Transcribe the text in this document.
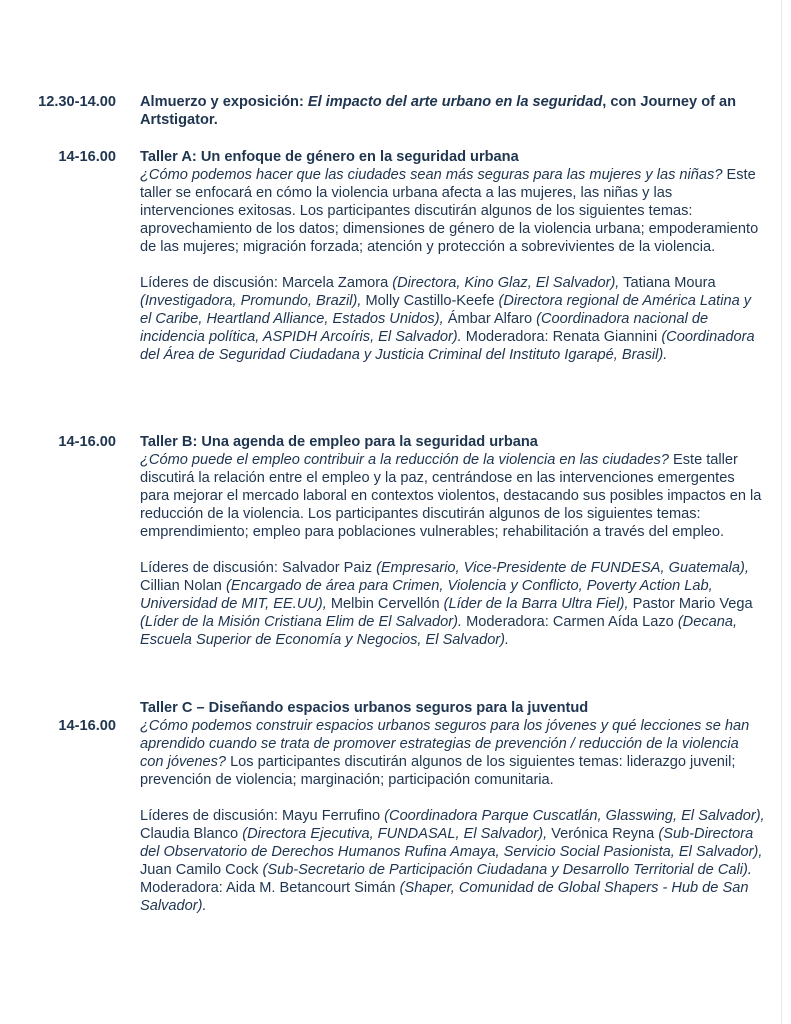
12.30-14.00 Almuerzo y exposición: El impacto del arte urbano en la seguridad, con Journey of an Artstigator.

14-16.00 Taller A: Un enfoque de género en la seguridad urbana

¿Cómo podemos hacer que las ciudades sean más seguras para las mujeres y las niñas? Este taller se enfocará en cómo la violencia urbana afecta a las mujeres, las niñas y las intervenciones exitosas. Los participantes discutirán algunos de los siguientes temas: aprovechamiento de los datos; dimensiones de género de la violencia urbana; empoderamiento de las mujeres; migración forzada; atención y protección a sobrevivientes de la violencia.

Líderes de discusión: Marcela Zamora (Directora, Kino Glaz, El Salvador), Tatiana Moura (Investigadora, Promundo, Brazil), Molly Castillo-Keefe (Directora regional de América Latina y el Caribe, Heartland Alliance, Estados Unidos), Ámbar Alfaro (Coordinadora nacional de incidencia política, ASPIDH Arcoíris, El Salvador). Moderadora: Renata Giannini (Coordinadora del Área de Seguridad Ciudadana y Justicia Criminal del Instituto Igarapé, Brasil).

14-16.00 Taller B: Una agenda de empleo para la seguridad urbana

¿Cómo puede el empleo contribuir a la reducción de la violencia en las ciudades? Este taller discutirá la relación entre el empleo y la paz, centrándose en las intervenciones emergentes para mejorar el mercado laboral en contextos violentos, destacando sus posibles impactos en la reducción de la violencia. Los participantes discutirán algunos de los siguientes temas: emprendimiento; empleo para poblaciones vulnerables; rehabilitación a través del empleo.

Líderes de discusión: Salvador Paiz (Empresario, Vice-Presidente de FUNDESA, Guatemala), Cillian Nolan (Encargado de área para Crimen, Violencia y Conflicto, Poverty Action Lab, Universidad de MIT, EE.UU), Melbin Cervellón (Líder de la Barra Ultra Fiel), Pastor Mario Vega (Líder de la Misión Cristiana Elim de El Salvador). Moderadora: Carmen Aída Lazo (Decana, Escuela Superior de Economía y Negocios, El Salvador).

14-16.00

Taller C – Diseñando espacios urbanos seguros para la juventud

¿Cómo podemos construir espacios urbanos seguros para los jóvenes y qué lecciones se han aprendido cuando se trata de promover estrategias de prevención / reducción de la violencia con jóvenes? Los participantes discutirán algunos de los siguientes temas: liderazgo juvenil; prevención de violencia; marginación; participación comunitaria.

Líderes de discusión: Mayu Ferrufino (Coordinadora Parque Cuscatlán, Glasswing, El Salvador), Claudia Blanco (Directora Ejecutiva, FUNDASAL, El Salvador), Verónica Reyna (Sub-Directora del Observatorio de Derechos Humanos Rufina Amaya, Servicio Social Pasionista, El Salvador), Juan Camilo Cock (Sub-Secretario de Participación Ciudadana y Desarrollo Territorial de Cali).

Moderadora: Aida M. Betancourt Simán (Shaper, Comunidad de Global Shapers - Hub de San Salvador).
